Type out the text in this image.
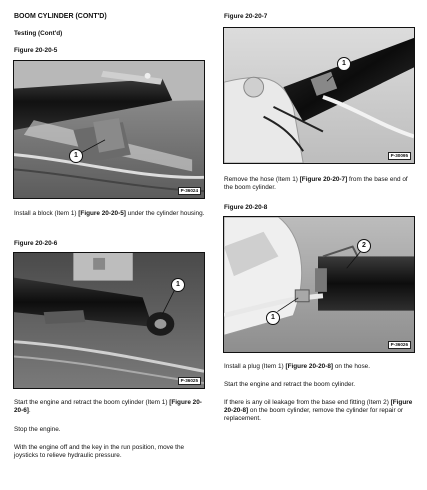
BOOM CYLINDER (CONT'D)
Testing (Cont'd)
Figure 20-20-5
1
P-36024
Install a block (Item 1) [Figure 20-20-5] under the cylinder housing.
Figure 20-20-6
1
P-36025
Start the engine and retract the boom cylinder (Item 1) [Figure 20-20-6].
Stop the engine.
With the engine off and the key in the run position, move the joysticks to relieve hydraulic pressure.
Figure 20-20-7
1
P-30095
Remove the hose (Item 1) [Figure 20-20-7] from the base end of the boom cylinder.
Figure 20-20-8
2
1
P-36026
Install a plug (Item 1) [Figure 20-20-8] on the hose.
Start the engine and retract the boom cylinder.
If there is any oil leakage from the base end fitting (Item 2) [Figure 20-20-8] on the boom cylinder, remove the cylinder for repair or replacement.
